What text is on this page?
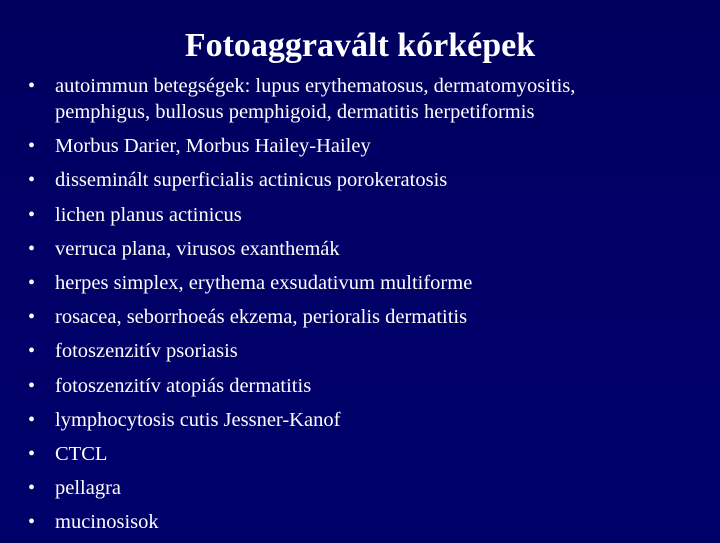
Fotoaggravált kórképek
• autoimmun betegségek: lupus erythematosus, dermatomyositis,
pemphigus, bullosus pemphigoid, dermatitis herpetiformis
• Morbus Darier, Morbus Hailey-Hailey
• disseminált superficialis actinicus porokeratosis
• lichen planus actinicus
• verruca plana, virusos exanthemák
• herpes simplex, erythema exsudativum multiforme
• rosacea, seborrhoeás ekzema, perioralis dermatitis
• fotoszenzitív psoriasis
• fotoszenzitív atopiás dermatitis
• lymphocytosis cutis Jessner-Kanof
• CTCL
• pellagra
• mucinosisok
